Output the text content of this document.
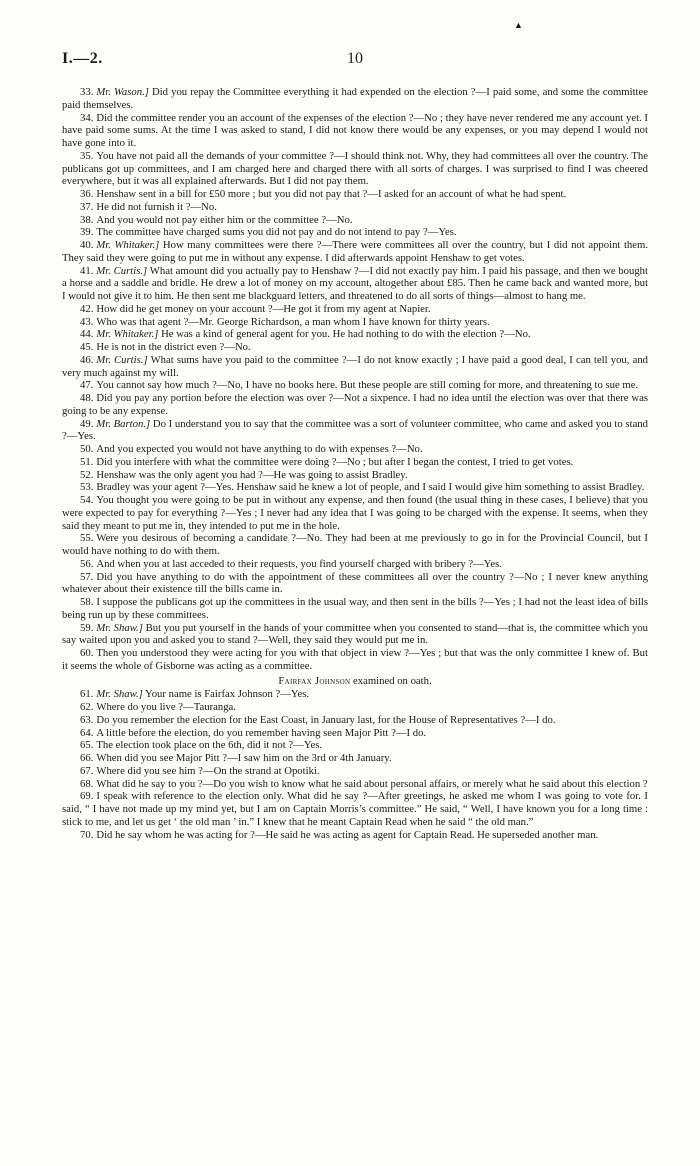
▲
I.—2.	10

33. Mr. Wason.] Did you repay the Committee everything it had expended on the election ?—I paid some, and some the committee paid themselves.

34. Did the committee render you an account of the expenses of the election ?—No ; they have never rendered me any account yet. I have paid some sums. At the time I was asked to stand, I did not know there would be any expenses, or you may depend I would not have gone into it.

35. You have not paid all the demands of your committee ?—I should think not. Why, they had committees all over the country. The publicans got up committees, and I am charged here and charged there with all sorts of charges. I was surprised to find I was cheered everywhere, but it was all explained afterwards. But I did not pay them.

36. Henshaw sent in a bill for £50 more ; but you did not pay that ?—I asked for an account of what he had spent.

37. He did not furnish it ?—No.

38. And you would not pay either him or the committee ?—No.

39. The committee have charged sums you did not pay and do not intend to pay ?—Yes.

40. Mr. Whitaker.] How many committees were there ?—There were committees all over the country, but I did not appoint them. They said they were going to put me in without any expense. I did afterwards appoint Henshaw to get votes.

41. Mr. Curtis.] What amount did you actually pay to Henshaw ?—I did not exactly pay him. I paid his passage, and then we bought a horse and a saddle and bridle. He drew a lot of money on my account, altogether about £85. Then he came back and wanted more, but I would not give it to him. He then sent me blackguard letters, and threatened to do all sorts of things—almost to hang me.

42. How did he get money on your account ?—He got it from my agent at Napier.

43. Who was that agent ?—Mr. George Richardson, a man whom I have known for thirty years.

44. Mr. Whitaker.] He was a kind of general agent for you. He had nothing to do with the election ?—No.

45. He is not in the district even ?—No.

46. Mr. Curtis.] What sums have you paid to the committee ?—I do not know exactly ; I have paid a good deal, I can tell you, and very much against my will.

47. You cannot say how much ?—No, I have no books here. But these people are still coming for more, and threatening to sue me.

48. Did you pay any portion before the election was over ?—Not a sixpence. I had no idea until the election was over that there was going to be any expense.

49. Mr. Barton.] Do I understand you to say that the committee was a sort of volunteer committee, who came and asked you to stand ?—Yes.

50. And you expected you would not have anything to do with expenses ?—No.

51. Did you interfere with what the committee were doing ?—No ; but after I began the contest, I tried to get votes.

52. Henshaw was the only agent you had ?—He was going to assist Bradley.

53. Bradley was your agent ?—Yes. Henshaw said he knew a lot of people, and I said I would give him something to assist Bradley.

54. You thought you were going to be put in without any expense, and then found (the usual thing in these cases, I believe) that you were expected to pay for everything ?—Yes ; I never had any idea that I was going to be charged with the expense. It seems, when they said they meant to put me in, they intended to put me in the hole.

55. Were you desirous of becoming a candidate ?—No. They had been at me previously to go in for the Provincial Council, but I would have nothing to do with them.

56. And when you at last acceded to their requests, you find yourself charged with bribery ?—Yes.

57. Did you have anything to do with the appointment of these committees all over the country ?—No ; I never knew anything whatever about their existence till the bills came in.

58. I suppose the publicans got up the committees in the usual way, and then sent in the bills ?—Yes ; I had not the least idea of bills being run up by these committees.

59. Mr. Shaw.] But you put yourself in the hands of your committee when you consented to stand—that is, the committee which you say waited upon you and asked you to stand ?—Well, they said they would put me in.

60. Then you understood they were acting for you with that object in view ?—Yes ; but that was the only committee I knew of. But it seems the whole of Gisborne was acting as a committee.

Fairfax Johnson examined on oath.

61. Mr. Shaw.] Your name is Fairfax Johnson ?—Yes.

62. Where do you live ?—Tauranga.

63. Do you remember the election for the East Coast, in January last, for the House of Representatives ?—I do.

64. A little before the election, do you remember having seen Major Pitt ?—I do.

65. The election took place on the 6th, did it not ?—Yes.

66. When did you see Major Pitt ?—I saw him on the 3rd or 4th January.

67. Where did you see him ?—On the strand at Opotiki.

68. What did he say to you ?—Do you wish to know what he said about personal affairs, or merely what he said about this election ?

69. I speak with reference to the election only. What did he say ?—After greetings, he asked me whom I was going to vote for. I said, “ I have not made up my mind yet, but I am on Captain Morris’s committee.” He said, “ Well, I have known you for a long time : stick to me, and let us get ‘ the old man ’ in.” I knew that he meant Captain Read when he said “ the old man.”

70. Did he say whom he was acting for ?—He said he was acting as agent for Captain Read. He superseded another man.
